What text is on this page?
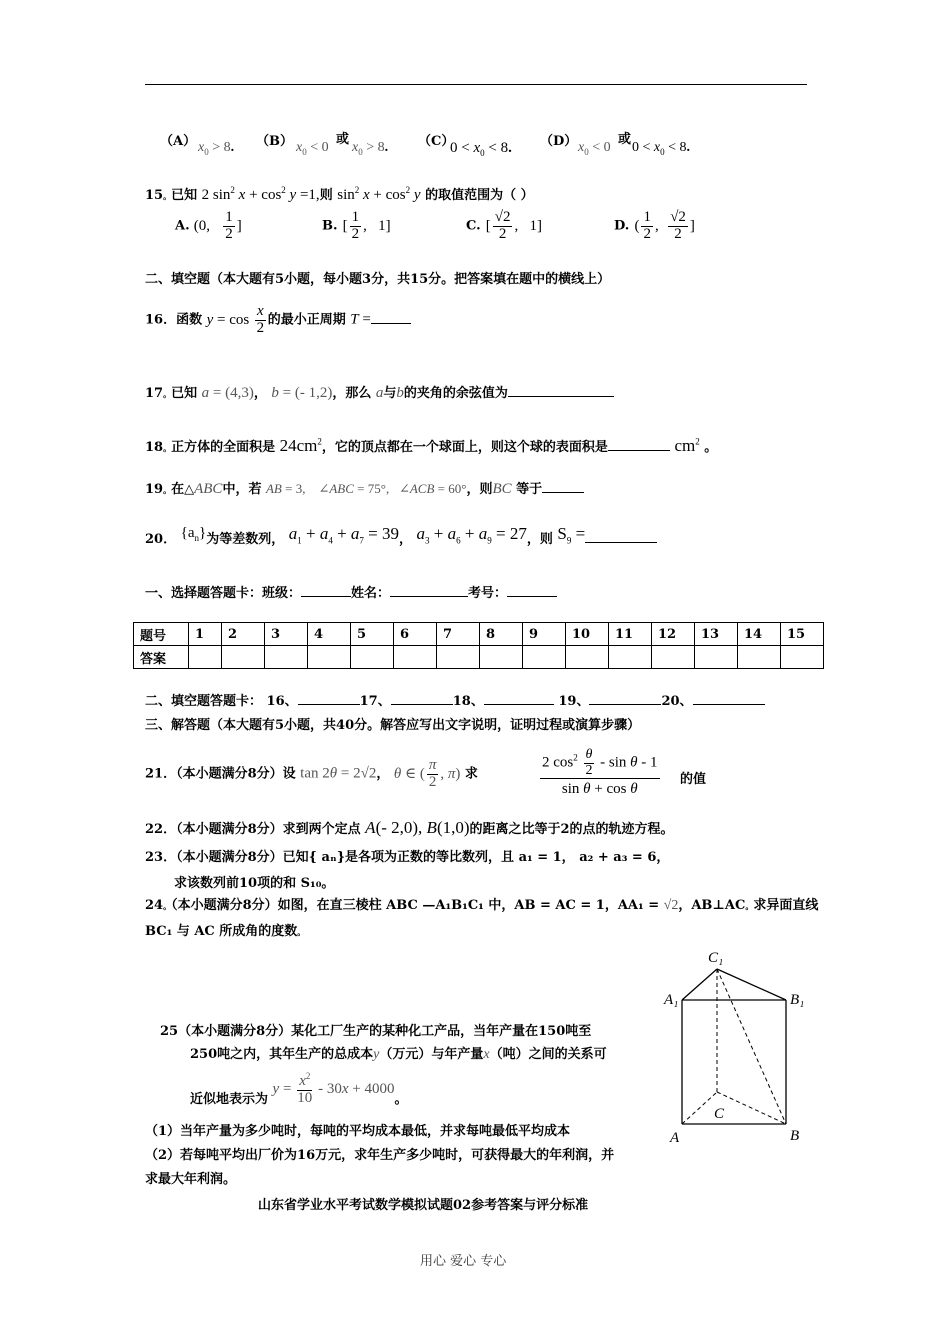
（A） $x_0 > 8$. （B） $x_0 < 0$
或
$x_0 > 8$. （C）
$0 < x_0 < 8$. （D） $x_0 < 0$
或
$0 < x_0 < 8$.
15。已知 2 $\sin^2 x + \cos^2 y =1$,则 $\sin^2 x + \cos^2 y$ 的取值范围为（ ）
A. (0, $\frac{1}{2}$ ]	B. [ $\frac{1}{2}$ ,   1]	C. [ $\frac{√2}{2}$ ,   1]	D. ( $\frac{1}{2}$ , $\frac{√2}{2}$ ]
二、填空题（本大题有5小题，每小题3分，共15分。把答案填在题中的横线上）
16．函数 $y = \cos \frac{x}{2}$ 的最小正周期 T =
17。已知 a = (4,3)， b = (- 1,2)，那么 a与b的夹角的余弦值为
18。正方体的全面积是 $24cm^2$，它的顶点都在一个球面上，则这个球的表面积是	$cm^2$ 。
19。在△ABC中，若 AB = 3,    ∠ABC = 75°,   ∠ACB = 60°，则BC 等于
20． $\{a_n\}$为等差数列， $a_1 + a_4 + a_7 = 39$， $a_3 + a_6 + a_9 = 27$，则 $S_9$ =
一、选择题答题卡：班级：	姓名：	考号：
题号	1	2	3	4	5	6	7	8	9	10	11	12	13	14	15
答案															
二、填空题答题卡： 16、	17、	18、	19、	20、
三、解答题（本大题有5小题，共40分。解答应写出文字说明，证明过程或演算步骤）
21．（本小题满分8分）设 tan 2θ = 2√2， θ ∈ ( $\frac{\pi}{2}$ , π) 求
2 $\cos^2 \frac{\theta}{2}$ - sin θ - 1
sin θ + cos θ
的值
22．（本小题满分8分）求到两个定点 A(- 2,0), B(1,0)的距离之比等于2的点的轨迹方程。
23．（本小题满分8分）已知{ aₙ}是各项为正数的等比数列，且 a₁ = 1， a₂ + a₃ = 6，
求该数列前10项的和 S₁₀。
24。（本小题满分8分）如图，在直三棱柱 ABC —A₁B₁C₁ 中，AB = AC = 1，AA₁ = √2，AB⊥AC。求异面直线
BC₁ 与 AC 所成角的度数。
25（本小题满分8分）某化工厂生产的某种化工产品，当年产量在150吨至
250吨之内，其年生产的总成本y（万元）与年产量x（吨）之间的关系可
近似地表示为 $y = \frac{x^2}{10} - 30x + 4000$。
（1）当年产量为多少吨时，每吨的平均成本最低，并求每吨最低平均成本
（2）若每吨平均出厂价为16万元，求年生产多少吨时，可获得最大的年利润，并
求最大年利润。
C₁
A₁	B₁
C
A	B
山东省学业水平考试数学模拟试题02参考答案与评分标准
用心 爱心 专心
